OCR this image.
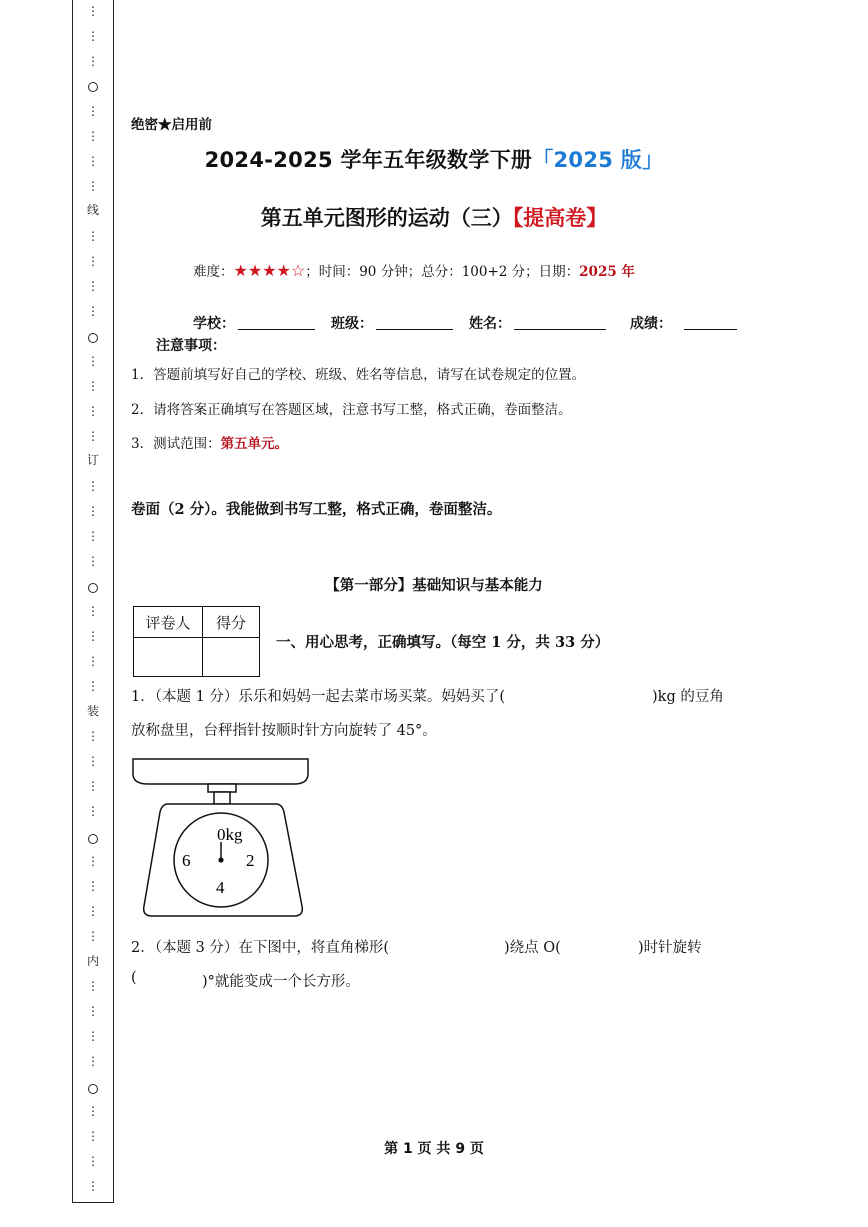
线
订
装
内
⋮
⋮
⋮
⋮
⋮
⋮
⋮
⋮
⋮
⋮
⋮
⋮
⋮
⋮
⋮
⋮
⋮
⋮
⋮
⋮
⋮
⋮
⋮
⋮
⋮
⋮
⋮
⋮
⋮
⋮
⋮
⋮
⋮
⋮
⋮
⋮
⋮
⋮
⋮
绝密★启用前
2024-2025 学年五年级数学下册「2025 版」
第五单元图形的运动（三）【提高卷】
难度：★★★★☆；时间：90 分钟；总分：100+2 分；日期：2025 年
学校：	班级：	姓名：	成绩：
注意事项：
1．答题前填写好自己的学校、班级、姓名等信息，请写在试卷规定的位置。
2．请将答案正确填写在答题区域，注意书写工整，格式正确，卷面整洁。
3．测试范围：第五单元。
卷面（2 分）。我能做到书写工整，格式正确，卷面整洁。
【第一部分】基础知识与基本能力
评卷人	得分

一、用心思考，正确填写。（每空 1 分，共 33 分）
1．（本题 1 分）乐乐和妈妈一起去菜市场买菜。妈妈买了(	)kg 的豆角
放称盘里，台秤指针按顺时针方向旋转了 45°。
0kg
2
4
6
2．（本题 3 分）在下图中，将直角梯形(	)绕点 O(	)时针旋转
(	)°就能变成一个长方形。
第 1 页 共 9 页
